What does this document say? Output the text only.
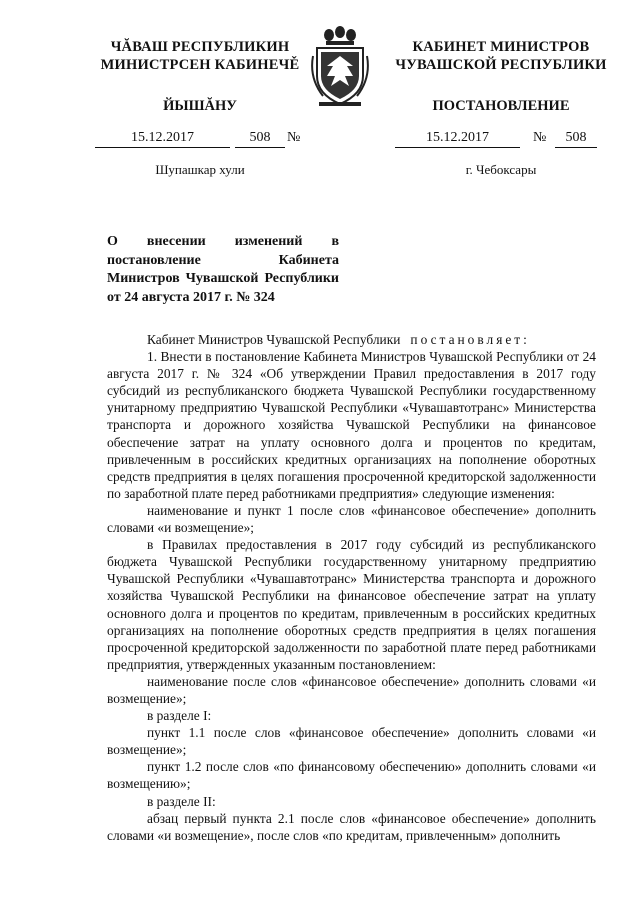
ЧĂВАШ РЕСПУБЛИКИН
МИНИСТРСЕН КАБИНЕЧĚ
КАБИНЕТ МИНИСТРОВ
ЧУВАШСКОЙ РЕСПУБЛИКИ
ЙЫШĂНУ	ПОСТАНОВЛЕНИЕ
15.12.2017	508	№	15.12.2017	№	508
Шупашкар хули	г. Чебоксары
О внесении изменений в постановление Кабинета Министров Чувашской Республики от 24 августа 2017 г. № 324

Кабинет Министров Чувашской Республики постановляет:

1. Внести в постановление Кабинета Министров Чувашской Республики от 24 августа 2017 г. № 324 «Об утверждении Правил предоставления в 2017 году субсидий из республиканского бюджета Чувашской Республики государственному унитарному предприятию Чувашской Республики «Чувашавтотранс» Министерства транспорта и дорожного хозяйства Чувашской Республики на финансовое обеспечение затрат на уплату основного долга и процентов по кредитам, привлеченным в российских кредитных организациях на пополнение оборотных средств предприятия в целях погашения просроченной кредиторской задолженности по заработной плате перед работниками предприятия» следующие изменения:

наименование и пункт 1 после слов «финансовое обеспечение» дополнить словами «и возмещение»;

в Правилах предоставления в 2017 году субсидий из республиканского бюджета Чувашской Республики государственному унитарному предприятию Чувашской Республики «Чувашавтотранс» Министерства транспорта и дорожного хозяйства Чувашской Республики на финансовое обеспечение затрат на уплату основного долга и процентов по кредитам, привлеченным в российских кредитных организациях на пополнение оборотных средств предприятия в целях погашения просроченной кредиторской задолженности по заработной плате перед работниками предприятия, утвержденных указанным постановлением:

наименование после слов «финансовое обеспечение» дополнить словами «и возмещение»;

в разделе I:

пункт 1.1 после слов «финансовое обеспечение» дополнить словами «и возмещение»;

пункт 1.2 после слов «по финансовому обеспечению» дополнить словами «и возмещению»;

в разделе II:

абзац первый пункта 2.1 после слов «финансовое обеспечение» дополнить словами «и возмещение», после слов «по кредитам, привлеченным» дополнить
